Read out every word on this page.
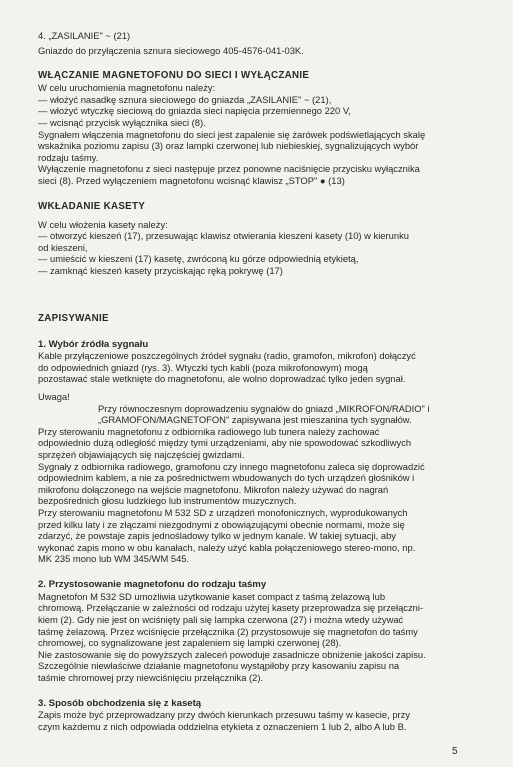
4. „ZASILANIE" ~ (21)

Gniazdo do przyłączenia sznura sieciowego 405-4576-041-03K.

WŁĄCZANIE MAGNETOFONU DO SIECI I WYŁĄCZANIE

W celu uruchomienia magnetofonu należy:

— włożyć nasadkę sznura sieciowego do gniazda „ZASILANIE" ~ (21),

— włożyć wtyczkę sieciową do gniazda sieci napięcia przemiennego 220 V,

— wcisnąć przycisk wyłącznika sieci (8).

Sygnałem włączenia magnetofonu do sieci jest zapalenie się żarówek podświetlających skalę

wskaźnika poziomu zapisu (3) oraz lampki czerwonej lub niebieskiej, sygnalizujących wybór

rodzaju taśmy.

Wyłączenie magnetofonu z sieci następuje przez ponowne naciśnięcie przycisku wyłącznika

sieci (8). Przed wyłączeniem magnetofonu wcisnąć klawisz „STOP" ● (13)

WKŁADANIE KASETY

W celu włożenia kasety należy:

— otworzyć kieszeń (17), przesuwając klawisz otwierania kieszeni kasety (10) w kierunku

od kieszeni,

— umieścić w kieszeni (17) kasetę, zwróconą ku górze odpowiednią etykietą,

— zamknąć kieszeń kasety przyciskając ręką pokrywę (17)

ZAPISYWANIE

1. Wybór źródła sygnału

Kable przyłączeniowe poszczególnych źródeł sygnału (radio, gramofon, mikrofon) dołączyć

do odpowiednich gniazd (rys. 3). Wtyczki tych kabli (poza mikrofonowym) mogą

pozostawać stale wetknięte do magnetofonu, ale wolno doprowadzać tylko jeden sygnał.

Uwaga!

Przy równoczesnym doprowadzeniu sygnałów do gniazd „MIKROFON/RADIO" i

„GRAMOFON/MAGNETOFON" zapisywana jest mieszanina tych sygnałów.

Przy sterowaniu magnetofonu z odbiornika radiowego lub tunera należy zachować

odpowiednio dużą odległość między tymi urządzeniami, aby nie spowodować szkodliwych

sprzężeń objawiających się najczęściej gwizdami.

Sygnały z odbiornika radiowego, gramofonu czy innego magnetofonu zaleca się doprowadzić

odpowiednim kablem, a nie za pośrednictwem wbudowanych do tych urządzeń głośników i

mikrofonu dołączonego na wejście magnetofonu. Mikrofon należy używać do nagrań

bezpośrednich głosu ludzkiego lub instrumentów muzycznych.

Przy sterowaniu magnetofonu M 532 SD z urządzeń monofonicznych, wyprodukowanych

przed kilku laty i ze złączami niezgodnymi z obowiązującymi obecnie normami, może się

zdarzyć, że powstaje zapis jednośladowy tylko w jednym kanale. W takiej sytuacji, aby

wykonać zapis mono w obu kanałach, należy użyć kabla połączeniowego stereo-mono, np.

MK 235 mono lub WM 345/WM 545.

2. Przystosowanie magnetofonu do rodzaju taśmy

Magnetofon M 532 SD umożliwia użytkowanie kaset compact z taśmą żelazową lub

chromową. Przełączanie w zależności od rodzaju użytej kasety przeprowadza się przełączni-

kiem (2). Gdy nie jest on wciśnięty pali się lampka czerwona (27) i można wtedy używać

taśmę żelazową. Przez wciśnięcie przełącznika (2) przystosowuje się magnetofon do taśmy

chromowej, co sygnalizowane jest zapaleniem się lampki czerwonej (28).

Nie zastosowanie się do powyższych zaleceń powoduje zasadnicze obniżenie jakości zapisu.

Szczególnie niewłaściwe działanie magnetofonu wystąpiłoby przy kasowaniu zapisu na

taśmie chromowej przy niewciśnięciu przełącznika (2).

3. Sposób obchodzenia się z kasetą

Zapis może być przeprowadzany przy dwóch kierunkach przesuwu taśmy w kasecie, przy

czym każdemu z nich odpowiada oddzielna etykieta z oznaczeniem 1 lub 2, albo A lub B.

5
